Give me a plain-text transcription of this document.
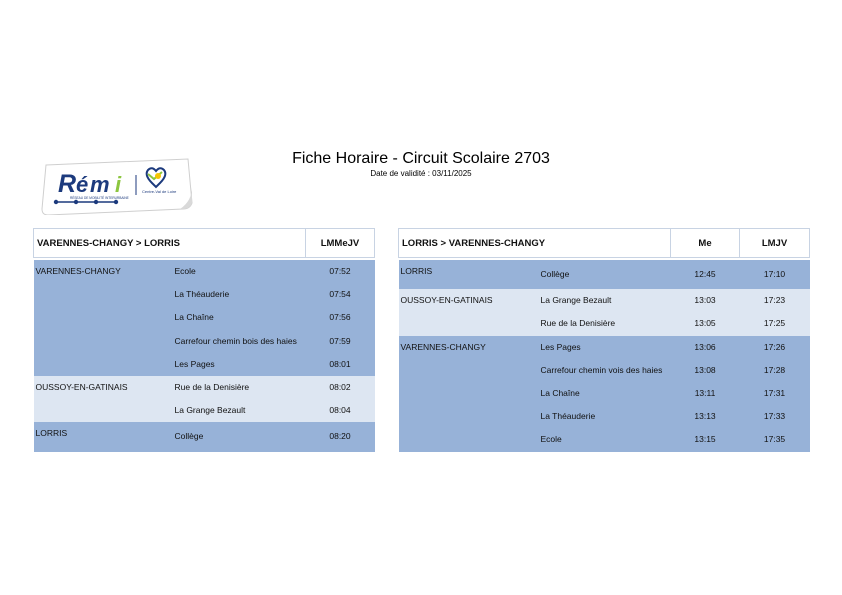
R é m i	Centre-Val de Loire
RÉSEAU DE MOBILITÉ INTERURBAINE
Fiche Horaire - Circuit Scolaire 2703
Date de validité : 03/11/2025
VARENNES-CHANGY > LORRIS		LMMeJV

VARENNES-CHANGY	Ecole	07:52
	La Théauderie	07:54
	La Chaîne	07:56
	Carrefour chemin bois des haies	07:59
	Les Pages	08:01
OUSSOY-EN-GATINAIS	Rue de la Denisière	08:02
	La Grange Bezault	08:04
LORRIS	Collège	08:20
LORRIS > VARENNES-CHANGY		Me	LMJV

LORRIS	Collège	12:45	17:10
OUSSOY-EN-GATINAIS	La Grange Bezault	13:03	17:23
	Rue de la Denisière	13:05	17:25
VARENNES-CHANGY	Les Pages	13:06	17:26
	Carrefour chemin vois des haies	13:08	17:28
	La Chaîne	13:11	17:31
	La Théauderie	13:13	17:33
	Ecole	13:15	17:35
